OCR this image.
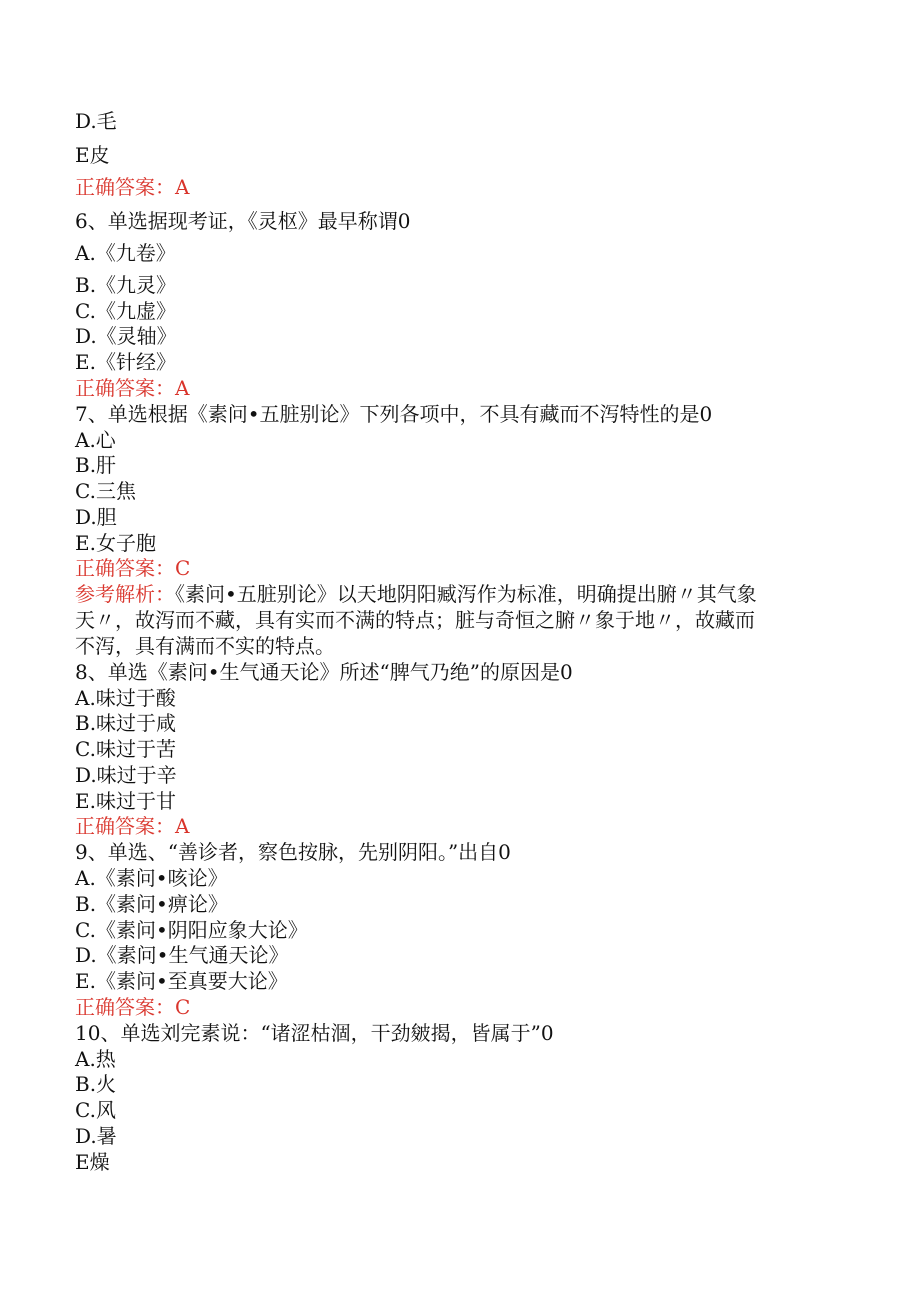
D.毛
E皮
正确答案：A
6、单选据现考证，《灵枢》最早称谓0
A.《九卷》
B.《九灵》
C.《九虚》
D.《灵轴》
E.《针经》
正确答案：A
7、单选根据《素问•五脏别论》下列各项中，不具有藏而不泻特性的是0
A.心
B.肝
C.三焦
D.胆
E.女子胞
正确答案：C
参考解析：《素问•五脏别论》以天地阴阳臧泻作为标准，明确提出腑〃其气象
天〃，故泻而不藏，具有实而不满的特点；脏与奇恒之腑〃象于地〃，故藏而
不泻，具有满而不实的特点。
8、单选《素问•生气通天论》所述“脾气乃绝”的原因是0
A.味过于酸
B.味过于咸
C.味过于苦
D.味过于辛
E.味过于甘
正确答案：A
9、单选、“善诊者，察色按脉，先别阴阳。”出自0
A.《素问•咳论》
B.《素问•痹论》
C.《素问•阴阳应象大论》
D.《素问•生气通天论》
E.《素问•至真要大论》
正确答案：C
10、单选刘完素说：“诸涩枯涸，干劲皴揭，皆属于”0
A.热
B.火
C.风
D.暑
E燥
